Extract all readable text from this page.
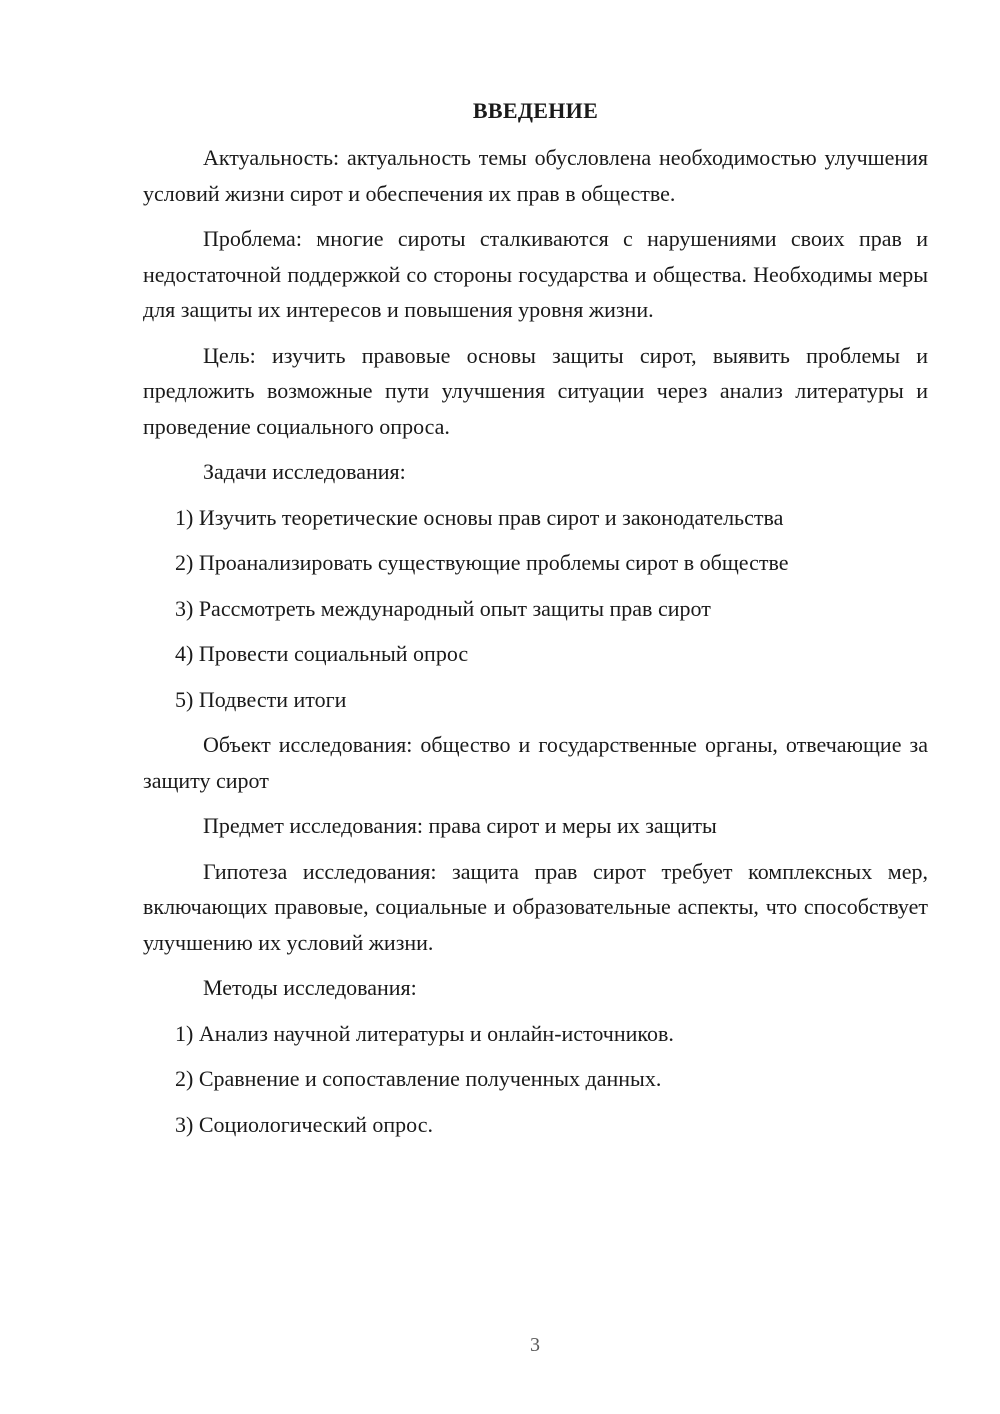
ВВЕДЕНИЕ

Актуальность: актуальность темы обусловлена необходимостью улучшения условий жизни сирот и обеспечения их прав в обществе.

Проблема: многие сироты сталкиваются с нарушениями своих прав и недостаточной поддержкой со стороны государства и общества. Необходимы меры для защиты их интересов и повышения уровня жизни.

Цель: изучить правовые основы защиты сирот, выявить проблемы и предложить возможные пути улучшения ситуации через анализ литературы и проведение социального опроса.

Задачи исследования:

1) Изучить теоретические основы прав сирот и законодательства

2) Проанализировать существующие проблемы сирот в обществе

3) Рассмотреть международный опыт защиты прав сирот

4) Провести социальный опрос

5) Подвести итоги

Объект исследования: общество и государственные органы, отвечающие за защиту сирот

Предмет исследования: права сирот и меры их защиты

Гипотеза исследования: защита прав сирот требует комплексных мер, включающих правовые, социальные и образовательные аспекты, что способствует улучшению их условий жизни.

Методы исследования:

1) Анализ научной литературы и онлайн-источников.

2) Сравнение и сопоставление полученных данных.

3) Социологический опрос.

3
